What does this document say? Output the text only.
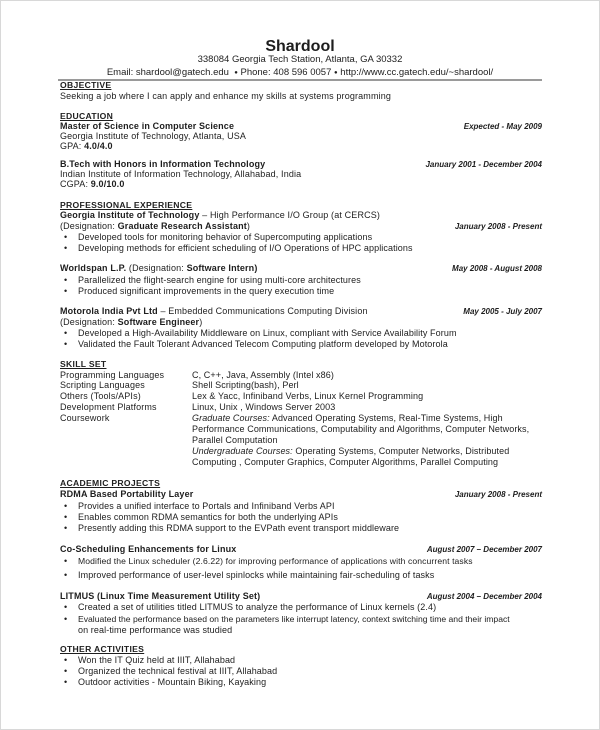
Shardool
338084 Georgia Tech Station, Atlanta, GA 30332
Email: shardool@gatech.edu ● Phone: 408 596 0057 ● http://www.cc.gatech.edu/~shardool/
OBJECTIVE
Seeking a job where I can apply and enhance my skills at systems programming
EDUCATION
Master of Science in Computer Science	Expected - May 2009
Georgia Institute of Technology, Atlanta, USA
GPA: 4.0/4.0
B.Tech with Honors in Information Technology	January 2001 - December 2004
Indian Institute of Information Technology, Allahabad, India
CGPA: 9.0/10.0
PROFESSIONAL EXPERIENCE
Georgia Institute of Technology – High Performance I/O Group (at CERCS)
(Designation: Graduate Research Assistant)	January 2008 - Present
• Developed tools for monitoring behavior of Supercomputing applications
• Developing methods for efficient scheduling of I/O Operations of HPC applications
Worldspan L.P. (Designation: Software Intern)	May 2008 - August 2008
• Parallelized the flight-search engine for using multi-core architectures
• Produced significant improvements in the query execution time
Motorola India Pvt Ltd – Embedded Communications Computing Division	May 2005 - July 2007
(Designation: Software Engineer)
• Developed a High-Availability Middleware on Linux, compliant with Service Availability Forum
• Validated the Fault Tolerant Advanced Telecom Computing platform developed by Motorola
SKILL SET
Programming Languages	C, C++, Java, Assembly (Intel x86)
Scripting Languages	Shell Scripting(bash), Perl
Others (Tools/APIs)	Lex & Yacc, Infiniband Verbs, Linux Kernel Programming
Development Platforms	Linux, Unix , Windows Server 2003
Coursework	Graduate Courses: Advanced Operating Systems, Real-Time Systems, High
Performance Communications, Computability and Algorithms, Computer Networks,
Parallel Computation
Undergraduate Courses: Operating Systems, Computer Networks, Distributed
Computing , Computer Graphics, Computer Algorithms, Parallel Computing
ACADEMIC PROJECTS
RDMA Based Portability Layer	January 2008 - Present
• Provides a unified interface to Portals and Infiniband Verbs API
• Enables common RDMA semantics for both the underlying APIs
• Presently adding this RDMA support to the EVPath event transport middleware
Co-Scheduling Enhancements for Linux	August 2007 – December 2007
• Modified the Linux scheduler (2.6.22) for improving performance of applications with concurrent tasks
• Improved performance of user-level spinlocks while maintaining fair-scheduling of tasks
LITMUS (Linux Time Measurement Utility Set)	August 2004 – December 2004
• Created a set of utilities titled LITMUS to analyze the performance of Linux kernels (2.4)
• Evaluated the performance based on the parameters like interrupt latency, context switching time and their impact
on real-time performance was studied
OTHER ACTIVITIES
• Won the IT Quiz held at IIIT, Allahabad
• Organized the technical festival at IIIT, Allahabad
• Outdoor activities - Mountain Biking, Kayaking
